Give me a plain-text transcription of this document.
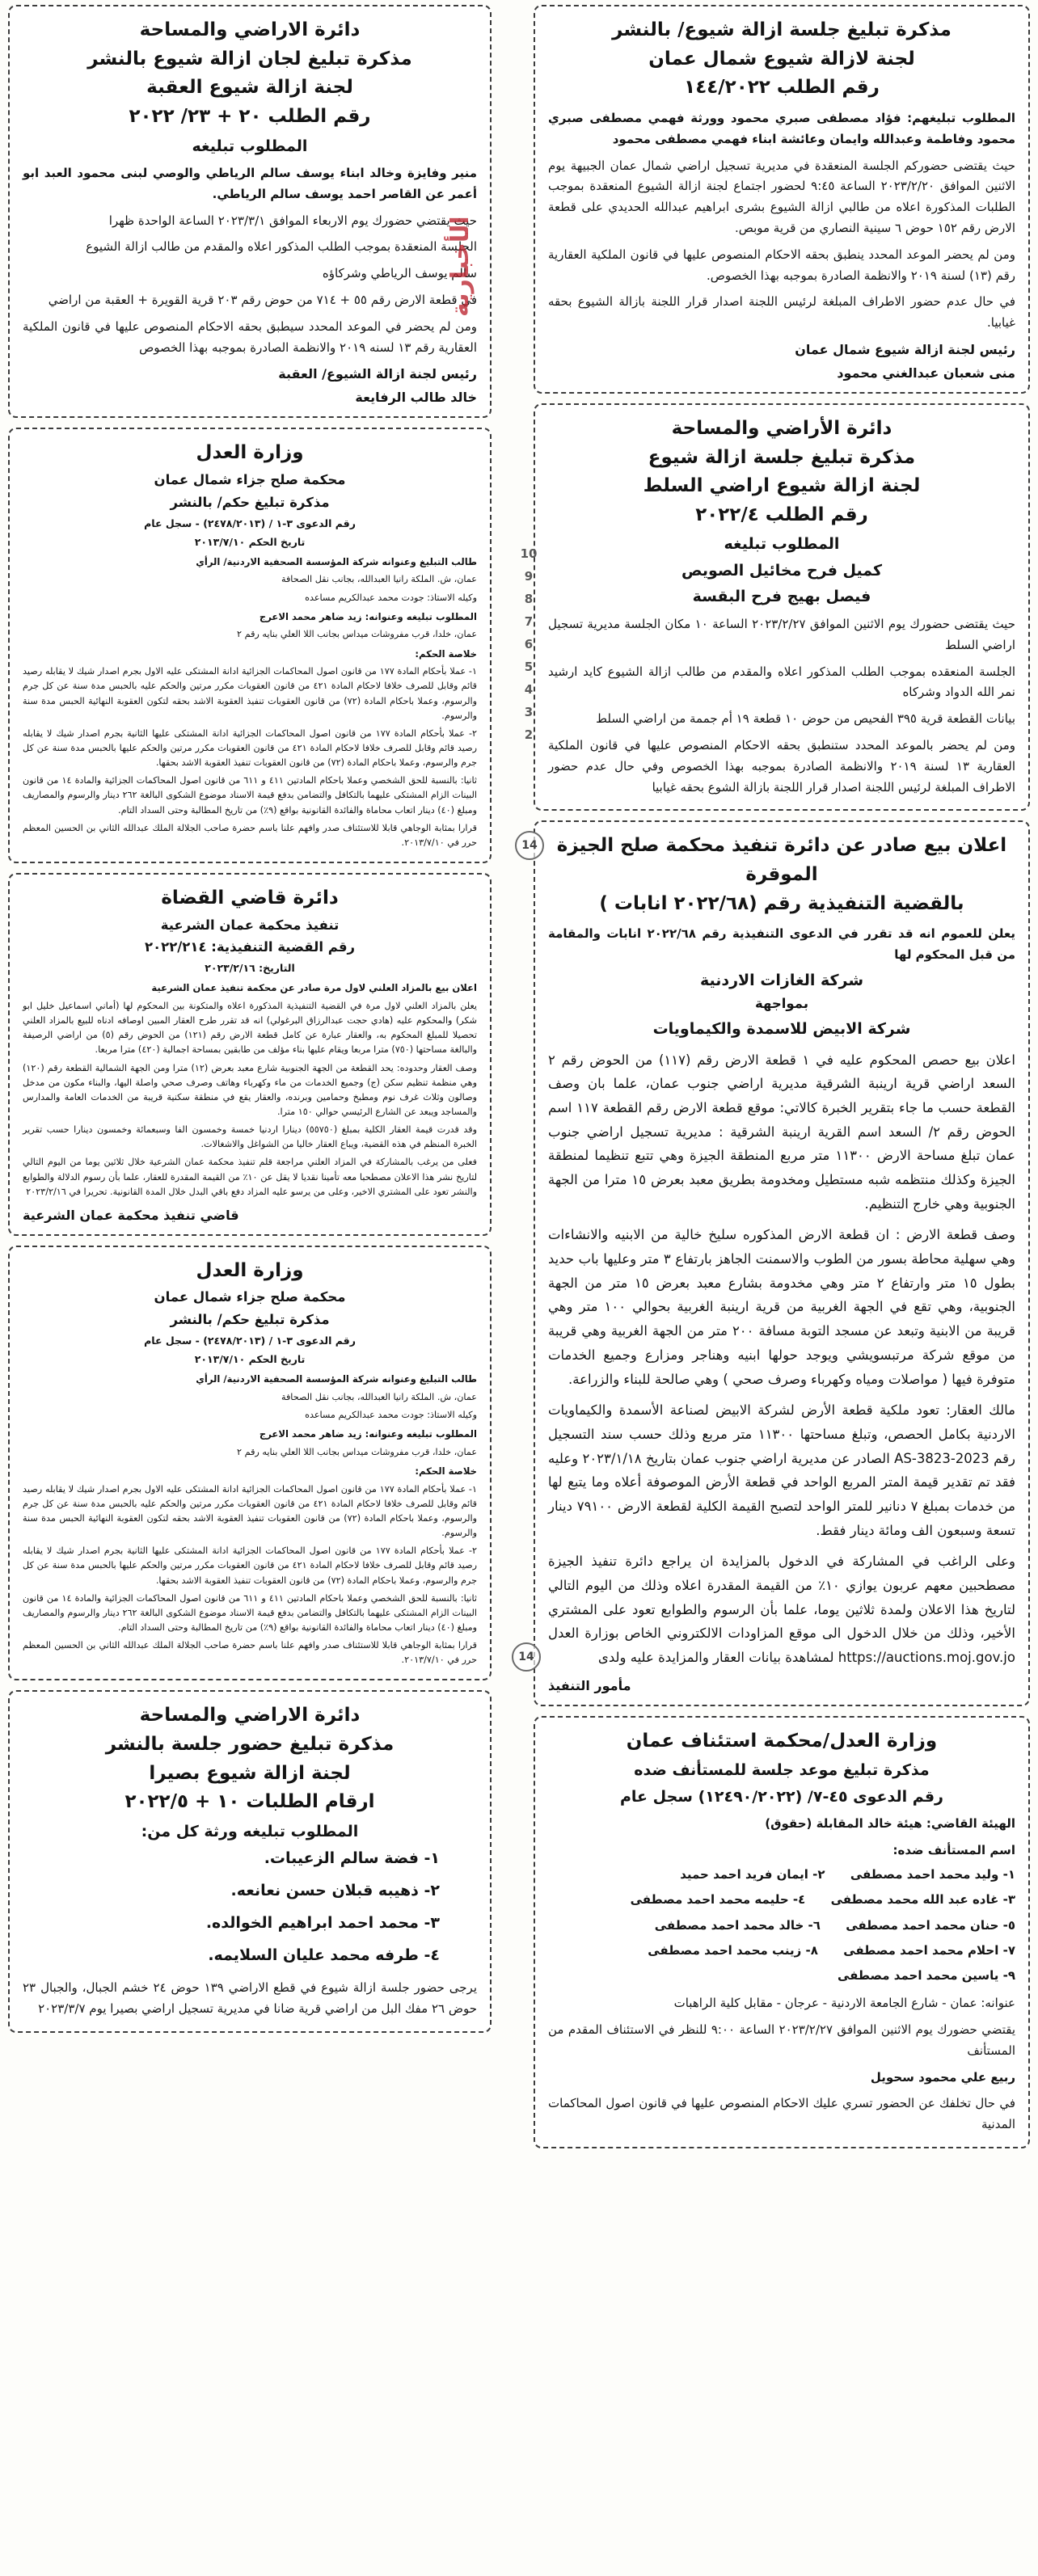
مذكرة تبليغ جلسة ازالة شيوع/ بالنشر
لجنة لازالة شيوع شمال عمان
رقم الطلب ١٤٤/٢٠٢٢
المطلوب تبليغهم: فؤاد مصطفى صبري محمود وورثة فهمي مصطفى صبري محمود وفاطمة وعبدالله وايمان وعائشة ابناء فهمي مصطفى محمود
حيث يقتضى حضوركم الجلسة المنعقدة في مديرية تسجيل اراضي شمال عمان الجبيهة يوم الاثنين الموافق ٢٠٢٣/٢/٢٠ الساعة ٩:٤٥ لحضور اجتماع لجنة ازالة الشيوع المنعقدة بموجب الطلبات المذكورة اعلاه من طالبي ازالة الشيوع بشرى ابراهيم عبدالله الحديدي على قطعة الارض رقم ١٥٢ حوض ٦ سينية النصاري من قرية موبص.
ومن لم يحضر الموعد المحدد ينطبق بحقه الاحكام المنصوص عليها في قانون الملكية العقارية رقم (١٣) لسنة ٢٠١٩ والانظمة الصادرة بموجبه بهذا الخصوص.
في حال عدم حضور الاطراف المبلغة لرئيس اللجنة اصدار قرار اللجنة بازالة الشيوع بحقه غيابيا.
رئيس لجنة ازالة شيوع شمال عمان
منى شعبان عبدالغني محمود
دائرة الأراضي والمساحة
مذكرة تبليغ جلسة ازالة شيوع
لجنة ازالة شيوع اراضي السلط
رقم الطلب ٢٠٢٢/٤
المطلوب تبليغه
كميل فرح مخائيل الصويص
فيصل بهيج فرح البقسة
حيث يقتضى حضورك يوم الاثنين الموافق ٢٠٢٣/٢/٢٧ الساعة ١٠ مكان الجلسة مديرية تسجيل اراضي السلط
الجلسة المنعقده بموجب الطلب المذكور اعلاه والمقدم من طالب ازالة الشيوع كايد ارشيد نمر الله الدواد وشركاه
بيانات القطعة قرية ٣٩٥ الفحيص من حوض ١٠ قطعة ١٩ أم جممة من اراضي السلط
ومن لم يحضر بالموعد المحدد ستنطبق بحقه الاحكام المنصوص عليها في قانون الملكية العقارية ١٣ لسنة ٢٠١٩ والانظمة الصادرة بموجبه بهذا الخصوص وفي حال عدم حضور الاطراف المبلغة لرئيس اللجنة اصدار قرار اللجنة بازالة الشوع بحقه غيابيا
اعلان بيع صادر عن دائرة تنفيذ محكمة صلح الجيزة الموقرة
بالقضية التنفيذية رقم (٢٠٢٢/٦٨ انابات )
يعلن للعموم انه قد تقرر في الدعوى التنفيذية رقم ٢٠٢٢/٦٨ انابات والمقامة من قبل المحكوم لها
شركة الغازات الاردنية
بمواجهة
شركة الابيض للاسمدة والكيماويات
اعلان بيع حصص المحكوم عليه في ١ قطعة الارض رقم (١١٧) من الحوض رقم ٢ السعد اراضي قرية ارينبة الشرقية مديرية اراضي جنوب عمان، علما بان وصف القطعة حسب ما جاء بتقرير الخبرة كالاتي: موقع قطعة الارض رقم القطعة ١١٧ اسم الحوض رقم ٢/ السعد اسم القرية ارينبة الشرقية : مديرية تسجيل اراضي جنوب عمان تبلغ مساحة الارض ١١٣٠٠ متر مربع المنطقة الجيزة وهي تتبع تنظيما لمنطقة الجيزة وكذلك منتظمه شبه مستطيل ومخدومة بطريق معبد بعرض ١٥ مترا من الجهة الجنوبية وهي خارج التنظيم.
وصف قطعة الارض : ان قطعة الارض المذكوره سليخ خالية من الابنيه والانشاءات وهي سهلية محاطة بسور من الطوب والاسمنت الجاهز بارتفاع ٣ متر وعليها باب حديد بطول ١٥ متر وارتفاع ٢ متر وهي مخدومة بشارع معبد بعرض ١٥ متر من الجهة الجنوبية، وهي تقع في الجهة الغربية من قرية ارينبة الغربية بحوالي ١٠٠ متر وهي قريبة من الابنية وتبعد عن مسجد التوبة مسافة ٢٠٠ متر من الجهة الغربية وهي قريبة من موقع شركة مرتبسويشي ويوجد حولها ابنيه وهناجر ومزارع وجميع الخدمات متوفرة فيها ( مواصلات ومياه وكهرباء وصرف صحي ) وهي صالحة للبناء والزراعة.
مالك العقار: تعود ملكية قطعة الأرض لشركة الابيض لصناعة الأسمدة والكيماويات الاردنية بكامل الحصص، وتبلغ مساحتها ١١٣٠٠ متر مربع وذلك حسب سند التسجيل رقم AS-3823-2023 الصادر عن مديرية اراضي جنوب عمان بتاريخ ٢٠٢٣/١/١٨ وعليه فقد تم تقدير قيمة المتر المربع الواحد في قطعة الأرض الموصوفة أعلاه وما يتبع لها من خدمات بمبلغ ٧ دنانير للمتر الواحد لتصبح القيمة الكلية لقطعة الارض ٧٩١٠٠ دينار تسعة وسبعون الف ومائة دينار فقط.
وعلى الراغب في المشاركة في الدخول بالمزايدة ان يراجع دائرة تنفيذ الجيزة مصطحبين معهم عربون يوازي ١٠٪ من القيمة المقدرة اعلاه وذلك من اليوم التالي لتاريخ هذا الاعلان ولمدة ثلاثين يوما، علما بأن الرسوم والطوابع تعود على المشتري الأخير، وذلك من خلال الدخول الى موقع المزاودات الالكتروني الخاص بوزارة العدل https://auctions.moj.gov.jo لمشاهدة بيانات العقار والمزايدة عليه ولدى
مأمور التنفيذ
وزارة العدل/محكمة استئناف عمان
مذكرة تبليغ موعد جلسة للمستأنف ضده
رقم الدعوى ٤٥-٧/ (١٢٤٩٠/٢٠٢٢) سجل عام
الهيئة القاضي: هيئة خالد المقابلة (حقوق)
اسم المستأنف ضده:
١- وليد محمد احمد مصطفى      ٢- ايمان فريد احمد حميد
٣- غاده عبد الله محمد مصطفى      ٤- حليمه محمد احمد مصطفى
٥- حنان محمد احمد مصطفى      ٦- خالد محمد احمد مصطفى
٧- احلام محمد احمد مصطفى      ٨- زينب محمد احمد مصطفى
٩- ياسين محمد احمد مصطفى
عنوانه: عمان - شارع الجامعة الاردنية - عرجان - مقابل كلية الراهبات
يقتضي حضورك يوم الاثنين الموافق ٢٠٢٣/٢/٢٧ الساعة ٩:٠٠ للنظر في الاستئناف المقدم من المستأنف
ربيع علي محمود سحويل
في حال تخلفك عن الحضور تسري عليك الاحكام المنصوص عليها في قانون اصول المحاكمات المدنية
دائرة الاراضي والمساحة
مذكرة تبليغ لجان ازالة شيوع بالنشر
لجنة ازالة شيوع العقبة
رقم الطلب ٢٠ + ٢٣/ ٢٠٢٢
المطلوب تبليغه
منير وفايزة وخالد ابناء يوسف سالم الرياطي والوصي لبنى محمود العبد ابو أعمر عن القاصر احمد يوسف سالم الرياطي.
حيث يقتضي حضورك يوم الاربعاء الموافق ٢٠٢٣/٣/١ الساعة الواحدة ظهرا
الجلسة المنعقدة بموجب الطلب المذكور اعلاه والمقدم من طالب ازالة الشيوع
سالم يوسف الرياطي وشركاؤه
في قطعة الارض رقم ٥٥ + ٧١٤ من حوض رقم ٢٠٣ قرية القويرة + العقبة من اراضي
ومن لم يحضر في الموعد المحدد سيطبق بحقه الاحكام المنصوص عليها في قانون الملكية العقارية رقم ١٣ لسنه ٢٠١٩ والانظمة الصادرة بموجبه بهذا الخصوص
رئيس لجنة ازالة الشيوع/ العقبة
خالد طالب الرفايعة
وزارة العدل
محكمة صلح جزاء شمال عمان
مذكرة تبليغ حكم/ بالنشر
رقم الدعوى ٣-١ / (٢٤٧٨/٢٠١٣) - سجل عام
تاريخ الحكم ٢٠١٣/٧/١٠
طالب التبليغ وعنوانه شركة المؤسسة الصحفية الاردنية/ الرأي
عمان، ش. الملكة رانيا العبدالله، بجانب نقل الصحافة
وكيله الاستاذ: جودت محمد عبدالكريم مساعده
المطلوب تبليغه وعنوانه: زيد ضاهر محمد الاعرج
عمان، خلدا، قرب مفروشات ميداس بجانب اللا العلي بنايه رقم ٢
خلاصة الحكم:
١- عملا بأحكام المادة ١٧٧ من قانون اصول المحاكمات الجزائية ادانة المشتكى عليه الاول بجرم اصدار شيك لا يقابله رصيد قائم وقابل للصرف خلافا لاحكام المادة ٤٢١ من قانون العقوبات مكرر مرتين والحكم عليه بالحبس مدة سنة عن كل جرم والرسوم، وعملا باحكام المادة (٧٢) من قانون العقوبات تنفيذ العقوبة الاشد بحقه لتكون العقوبة النهائية الحبس مدة سنة والرسوم.
٢- عملا بأحكام المادة ١٧٧ من قانون اصول المحاكمات الجزائية ادانة المشتكى عليها الثانية بجرم اصدار شيك لا يقابله رصيد قائم وقابل للصرف خلافا لاحكام المادة ٤٢١ من قانون العقوبات مكرر مرتين والحكم عليها بالحبس مدة سنة عن كل جرم والرسوم، وعملا باحكام المادة (٧٢) من قانون العقوبات تنفيذ العقوبة الاشد بحقها.
ثانيا: بالنسبة للحق الشخصي وعملا باحكام المادتين ٤١١ و ٦١١ من قانون اصول المحاكمات الجزائية والمادة ١٤ من قانون البينات الزام المشتكى عليهما بالتكافل والتضامن بدفع قيمة الاسناد موضوع الشكوى البالغة ٢٦٢ دينار والرسوم والمصاريف ومبلغ (٤٠) دينار اتعاب محاماة والفائدة القانونية بواقع (٩٪) من تاريخ المطالبة وحتى السداد التام.
قرارا بمثابة الوجاهي قابلا للاستئناف صدر وافهم علنا باسم حضرة صاحب الجلالة الملك عبدالله الثاني بن الحسين المعظم حرر في ٢٠١٣/٧/١٠.
دائرة قاضي القضاة
تنفيذ محكمة عمان الشرعية
رقم القضية التنفيذية: ٢٠٢٢/٢١٤
التاريخ: ٢٠٢٣/٢/١٦
اعلان بيع بالمزاد العلني لاول مرة صادر عن محكمة تنفيذ عمان الشرعية
يعلن بالمزاد العلني لاول مرة في القضية التنفيذية المذكورة اعلاه والمتكونة بين المحكوم لها (أماني اسماعيل خليل ابو شكر) والمحكوم عليه (هادي حجت عبدالرزاق البرغولي) انه قد تقرر طرح العقار المبين اوصافه ادناه للبيع بالمزاد العلني تحصيلا للمبلغ المحكوم به، والعقار عبارة عن كامل قطعة الارض رقم (١٢١) من الحوض رقم (٥) من اراضي الرصيفة والبالغة مساحتها (٧٥٠) مترا مربعا ويقام عليها بناء مؤلف من طابقين بمساحة اجمالية (٤٢٠) مترا مربعا.
وصف العقار وحدوده: يحد القطعة من الجهة الجنوبية شارع معبد بعرض (١٢) مترا ومن الجهة الشمالية القطعة رقم (١٢٠) وهي منظمة تنظيم سكن (ج) وجميع الخدمات من ماء وكهرباء وهاتف وصرف صحي واصلة اليها، والبناء مكون من مدخل وصالون وثلاث غرف نوم ومطبخ وحمامين وبرنده، والعقار يقع في منطقة سكنية قريبة من الخدمات العامة والمدارس والمساجد ويبعد عن الشارع الرئيسي حوالي ١٥٠ مترا.
وقد قدرت قيمة العقار الكلية بمبلغ (٥٥٧٥٠) دينارا اردنيا خمسة وخمسون الفا وسبعمائة وخمسون دينارا حسب تقرير الخبرة المنظم في هذه القضية، ويباع العقار خاليا من الشواغل والاشغالات.
فعلى من يرغب بالمشاركة في المزاد العلني مراجعة قلم تنفيذ محكمة عمان الشرعية خلال ثلاثين يوما من اليوم التالي لتاريخ نشر هذا الاعلان مصطحبا معه تأمينا نقديا لا يقل عن ١٠٪ من القيمة المقدرة للعقار، علما بأن رسوم الدلالة والطوابع والنشر تعود على المشتري الاخير، وعلى من يرسو عليه المزاد دفع باقي البدل خلال المدة القانونية. تحريرا في ٢٠٢٣/٢/١٦
قاضي تنفيذ محكمة عمان الشرعية
وزارة العدل
محكمة صلح جزاء شمال عمان
مذكرة تبليغ حكم/ بالنشر
رقم الدعوى ٣-١ / (٢٤٧٨/٢٠١٣) - سجل عام
تاريخ الحكم ٢٠١٣/٧/١٠
طالب التبليغ وعنوانه شركة المؤسسة الصحفية الاردنية/ الرأي
عمان، ش. الملكة رانيا العبدالله، بجانب نقل الصحافة
وكيله الاستاذ: جودت محمد عبدالكريم مساعده
المطلوب تبليغه وعنوانه: زيد ضاهر محمد الاعرج
عمان، خلدا، قرب مفروشات ميداس بجانب اللا العلي بنايه رقم ٢
خلاصة الحكم:
١- عملا بأحكام المادة ١٧٧ من قانون اصول المحاكمات الجزائية ادانة المشتكى عليه الاول بجرم اصدار شيك لا يقابله رصيد قائم وقابل للصرف خلافا لاحكام المادة ٤٢١ من قانون العقوبات مكرر مرتين والحكم عليه بالحبس مدة سنة عن كل جرم والرسوم، وعملا باحكام المادة (٧٢) من قانون العقوبات تنفيذ العقوبة الاشد بحقه لتكون العقوبة النهائية الحبس مدة سنة والرسوم.
٢- عملا بأحكام المادة ١٧٧ من قانون اصول المحاكمات الجزائية ادانة المشتكى عليها الثانية بجرم اصدار شيك لا يقابله رصيد قائم وقابل للصرف خلافا لاحكام المادة ٤٢١ من قانون العقوبات مكرر مرتين والحكم عليها بالحبس مدة سنة عن كل جرم والرسوم، وعملا باحكام المادة (٧٢) من قانون العقوبات تنفيذ العقوبة الاشد بحقها.
ثانيا: بالنسبة للحق الشخصي وعملا باحكام المادتين ٤١١ و ٦١١ من قانون اصول المحاكمات الجزائية والمادة ١٤ من قانون البينات الزام المشتكى عليهما بالتكافل والتضامن بدفع قيمة الاسناد موضوع الشكوى البالغة ٢٦٢ دينار والرسوم والمصاريف ومبلغ (٤٠) دينار اتعاب محاماة والفائدة القانونية بواقع (٩٪) من تاريخ المطالبة وحتى السداد التام.
قرارا بمثابة الوجاهي قابلا للاستئناف صدر وافهم علنا باسم حضرة صاحب الجلالة الملك عبدالله الثاني بن الحسين المعظم حرر في ٢٠١٣/٧/١٠.
دائرة الاراضي والمساحة
مذكرة تبليغ حضور جلسة بالنشر
لجنة ازالة شيوع بصيرا
ارقام الطلبات ١٠ + ٢٠٢٢/٥
المطلوب تبليغه ورثة كل من:
١- فضة سالم الزعيبات.
٢- ذهيبه قبلان حسن نعانعه.
٣- محمد احمد ابراهيم الخوالده.
٤- طرفه محمد عليان السلايمه.
يرجى حضور جلسة ازالة شيوع في قطع الاراضي ١٣٩ حوض ٢٤ خشم الجبال، والجبال ٢٣ حوض ٢٦ مفك البل من اراضي قرية ضانا في مديرية تسجيل اراضي بصيرا يوم ٢٠٢٣/٣/٧
10
9
8
7
6
5
4
3
2
14
14
الأخبارية
